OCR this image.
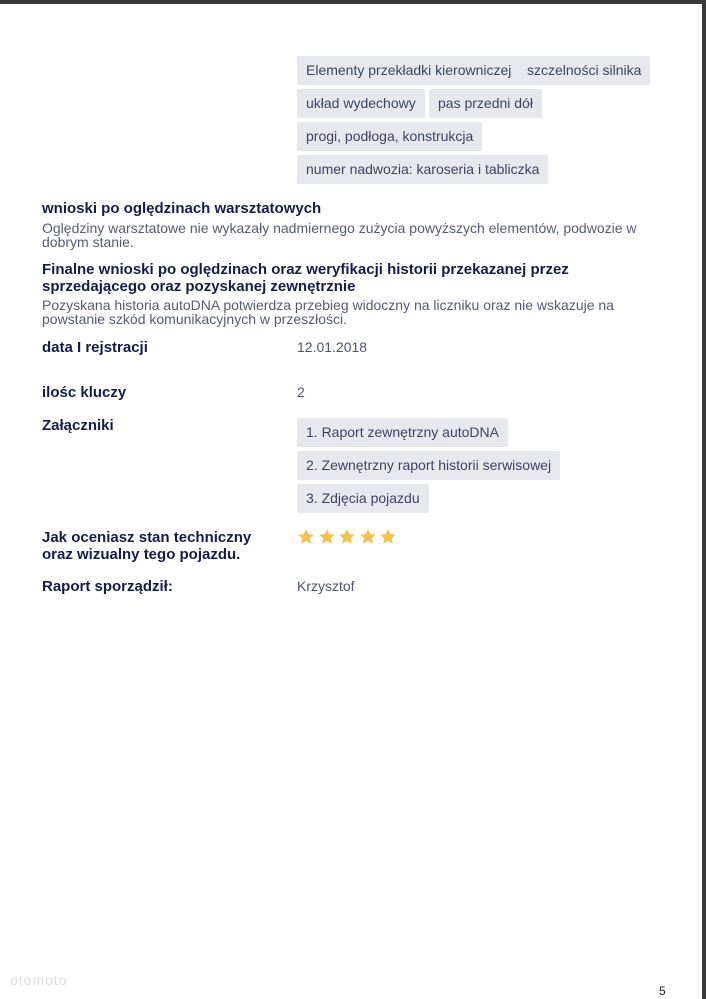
Elementy przekładki kierowniczej	szczelności silnika
układ wydechowy	pas przedni dół
progi, podłoga, konstrukcja
numer nadwozia: karoseria i tabliczka
wnioski po oględzinach warsztatowych
Oględziny warsztatowe nie wykazały nadmiernego zużycia powyższych elementów, podwozie w dobrym stanie.
Finalne wnioski po oględzinach oraz weryfikacji historii przekazanej przez sprzedającego oraz pozyskanej zewnętrznie
Pozyskana historia autoDNA potwierdza przebieg widoczny na liczniku oraz nie wskazuje na powstanie szkód komunikacyjnych w przeszłości.
data I rejstracji	12.01.2018
ilośc kluczy	2
Załączniki	1. Raport zewnętrzny autoDNA
2. Zewnętrzny raport historii serwisowej
3. Zdjęcia pojazdu
Jak oceniasz stan techniczny oraz wizualny tego pojazdu.
Raport sporządził:	Krzysztof
otomoto
5
